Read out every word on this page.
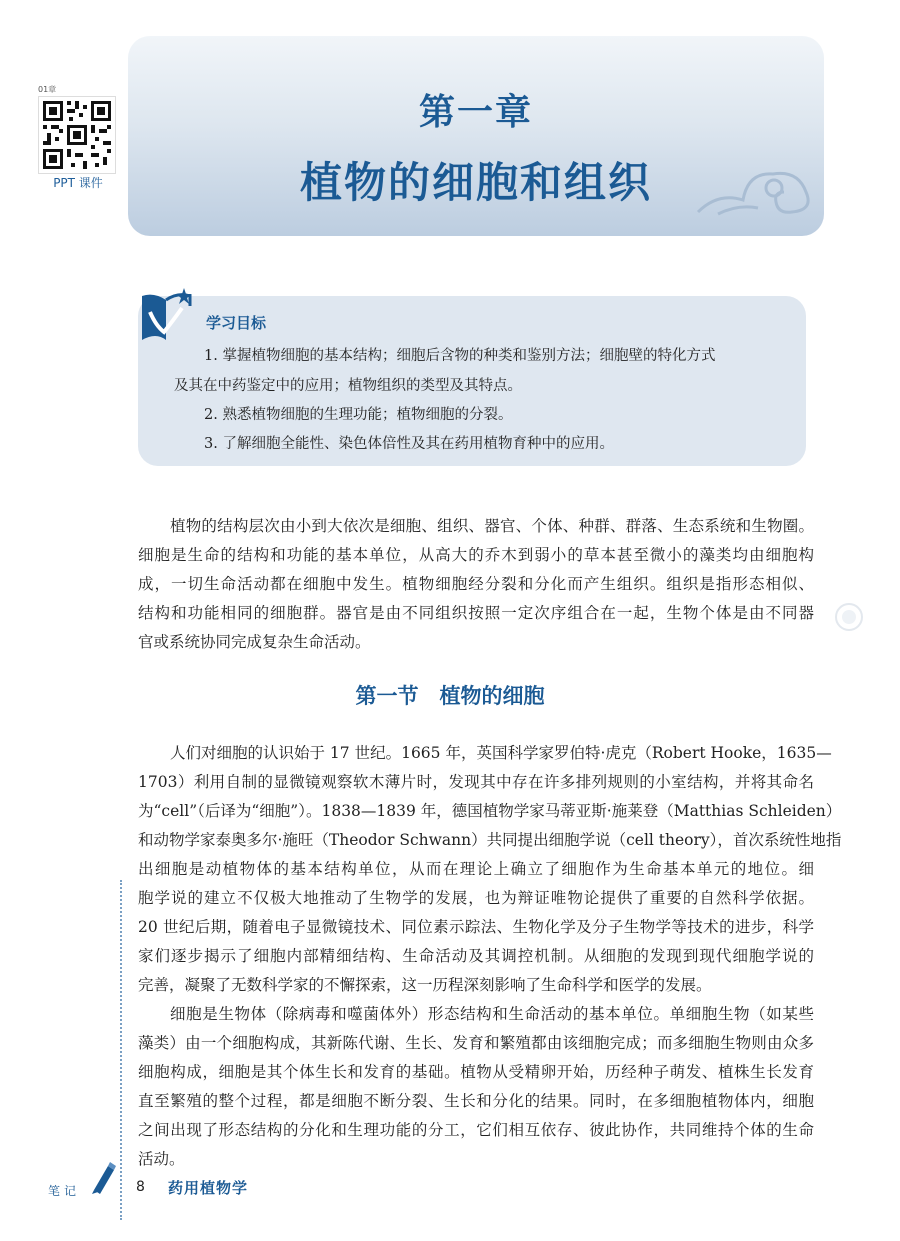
01章
PPT 课件
第一章
植物的细胞和组织
学习目标
1. 掌握植物细胞的基本结构；细胞后含物的种类和鉴别方法；细胞壁的特化方式
及其在中药鉴定中的应用；植物组织的类型及其特点。
2. 熟悉植物细胞的生理功能；植物细胞的分裂。
3. 了解细胞全能性、染色体倍性及其在药用植物育种中的应用。
植物的结构层次由小到大依次是细胞、组织、器官、个体、种群、群落、生态系统和生物圈。
细胞是生命的结构和功能的基本单位，从高大的乔木到弱小的草本甚至微小的藻类均由细胞构
成，一切生命活动都在细胞中发生。植物细胞经分裂和分化而产生组织。组织是指形态相似、
结构和功能相同的细胞群。器官是由不同组织按照一定次序组合在一起，生物个体是由不同器
官或系统协同完成复杂生命活动。
第一节　植物的细胞
人们对细胞的认识始于 17 世纪。1665 年，英国科学家罗伯特·虎克（Robert Hooke，1635—
1703）利用自制的显微镜观察软木薄片时，发现其中存在许多排列规则的小室结构，并将其命名
为“cell”（后译为“细胞”）。1838—1839 年，德国植物学家马蒂亚斯·施莱登（Matthias Schleiden）
和动物学家泰奥多尔·施旺（Theodor Schwann）共同提出细胞学说（cell theory），首次系统性地指
出细胞是动植物体的基本结构单位，从而在理论上确立了细胞作为生命基本单元的地位。细
胞学说的建立不仅极大地推动了生物学的发展，也为辩证唯物论提供了重要的自然科学依据。
20 世纪后期，随着电子显微镜技术、同位素示踪法、生物化学及分子生物学等技术的进步，科学
家们逐步揭示了细胞内部精细结构、生命活动及其调控机制。从细胞的发现到现代细胞学说的
完善，凝聚了无数科学家的不懈探索，这一历程深刻影响了生命科学和医学的发展。
细胞是生物体（除病毒和噬菌体外）形态结构和生命活动的基本单位。单细胞生物（如某些
藻类）由一个细胞构成，其新陈代谢、生长、发育和繁殖都由该细胞完成；而多细胞生物则由众多
细胞构成，细胞是其个体生长和发育的基础。植物从受精卵开始，历经种子萌发、植株生长发育
直至繁殖的整个过程，都是细胞不断分裂、生长和分化的结果。同时，在多细胞植物体内，细胞
之间出现了形态结构的分化和生理功能的分工，它们相互依存、彼此协作，共同维持个体的生命
活动。
笔记	8 药用植物学
